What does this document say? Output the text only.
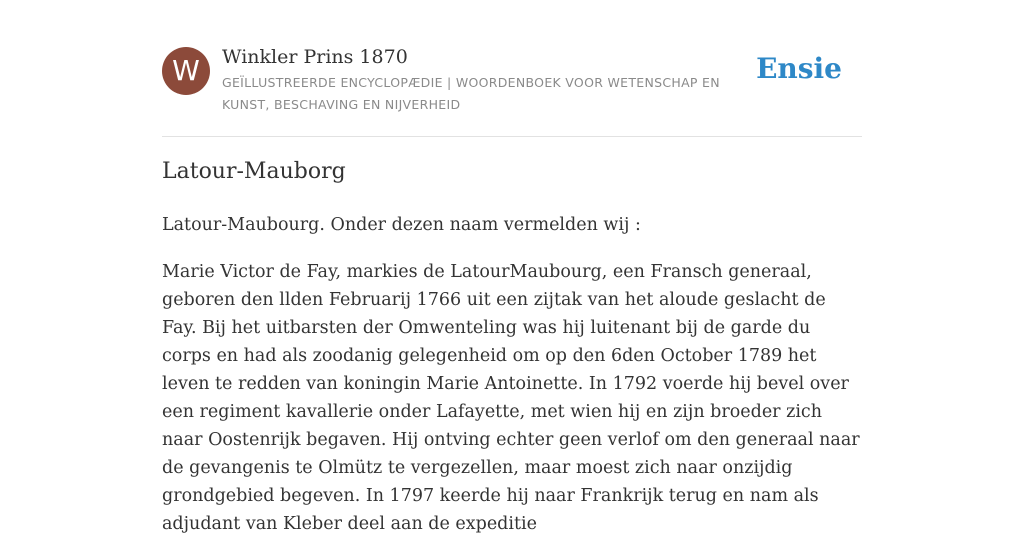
W	Winkler Prins 1870
GEÏLLUSTREERDE ENCYCLOPÆDIE | WOORDENBOEK VOOR WETENSCHAP EN KUNST, BESCHAVING EN NIJVERHEID
Ensie
Latour-Mauborg

Latour-Maubourg. Onder dezen naam vermelden wij :

Marie Victor de Fay, markies de LatourMaubourg, een Fransch generaal, geboren den llden Februarij 1766 uit een zijtak van het aloude geslacht de Fay. Bij het uitbarsten der Omwenteling was hij luitenant bij de garde du corps en had als zoodanig gelegenheid om op den 6den October 1789 het leven te redden van koningin Marie Antoinette. In 1792 voerde hij bevel over een regiment kavallerie onder Lafayette, met wien hij en zijn broeder zich naar Oostenrijk begaven. Hij ontving echter geen verlof om den generaal naar de gevangenis te Olmütz te vergezellen, maar moest zich naar onzijdig grondgebied begeven. In 1797 keerde hij naar Frankrijk terug en nam als adjudant van Kleber deel aan de expeditie
